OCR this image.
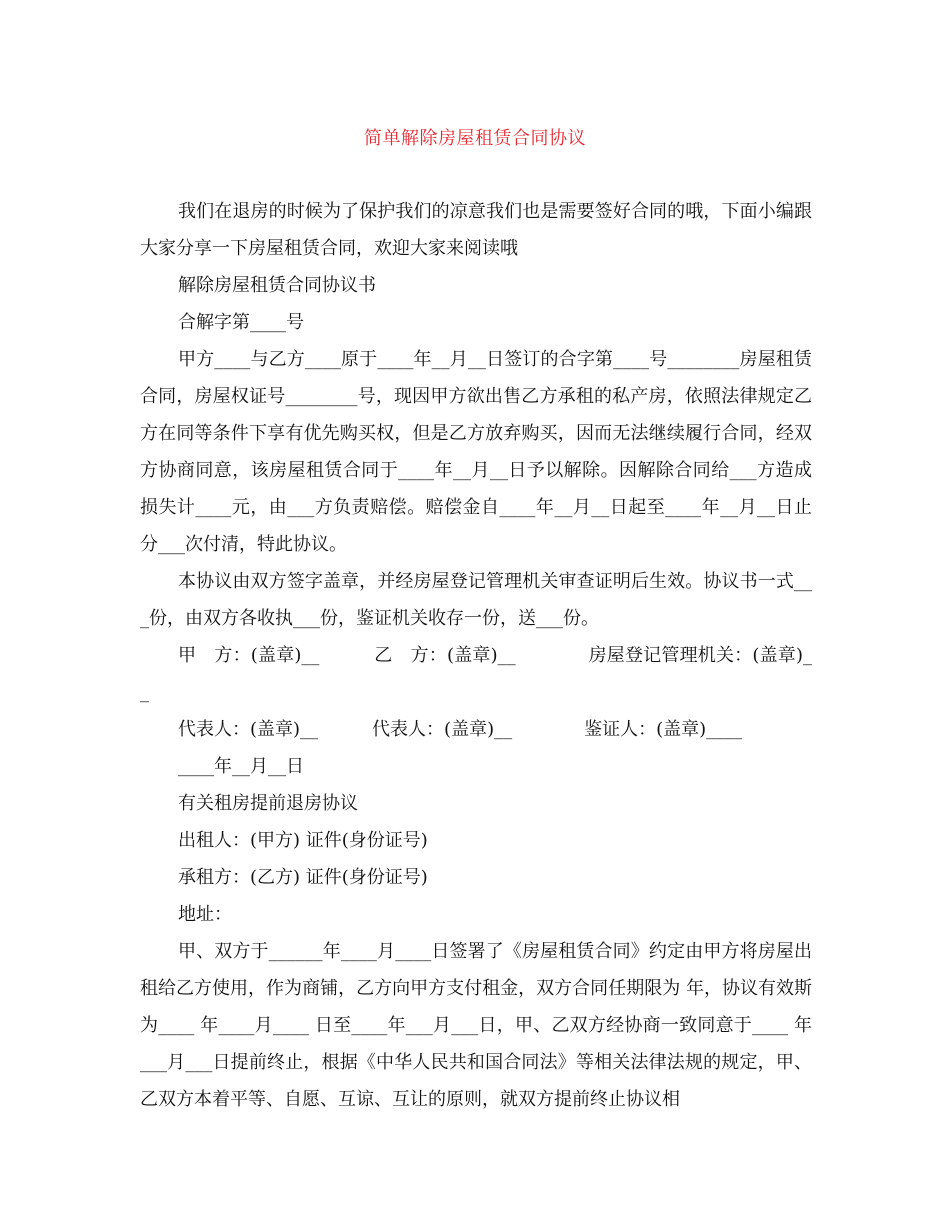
简单解除房屋租赁合同协议

我们在退房的时候为了保护我们的凉意我们也是需要签好合同的哦，下面小编跟大家分享一下房屋租赁合同，欢迎大家来阅读哦

解除房屋租赁合同协议书

合解字第____号

甲方____与乙方____原于____年__月__日签订的合字第____号________房屋租赁合同，房屋权证号________号，现因甲方欲出售乙方承租的私产房，依照法律规定乙方在同等条件下享有优先购买权，但是乙方放弃购买，因而无法继续履行合同，经双方协商同意，该房屋租赁合同于____年__月__日予以解除。因解除合同给___方造成损失计____元，由___方负责赔偿。赔偿金自____年__月__日起至____年__月__日止分___次付清，特此协议。

本协议由双方签字盖章，并经房屋登记管理机关审查证明后生效。协议书一式___份，由双方各收执___份，鉴证机关收存一份，送___份。

甲　方：(盖章)__　　　乙　方：(盖章)__　　　　房屋登记管理机关：(盖章)__

代表人：(盖章)__　　　代表人：(盖章)__　　　　鉴证人：(盖章)____

____年__月__日

有关租房提前退房协议

出租人：(甲方) 证件(身份证号)

承租方：(乙方) 证件(身份证号)

地址：

甲、双方于______年____月____日签署了《房屋租赁合同》约定由甲方将房屋出租给乙方使用，作为商铺，乙方向甲方支付租金，双方合同任期限为 年，协议有效斯为____ 年____月____ 日至____年___月___日，甲、乙双方经协商一致同意于____ 年___月___日提前终止，根据《中华人民共和国合同法》等相关法律法规的规定，甲、乙双方本着平等、自愿、互谅、互让的原则，就双方提前终止协议相
